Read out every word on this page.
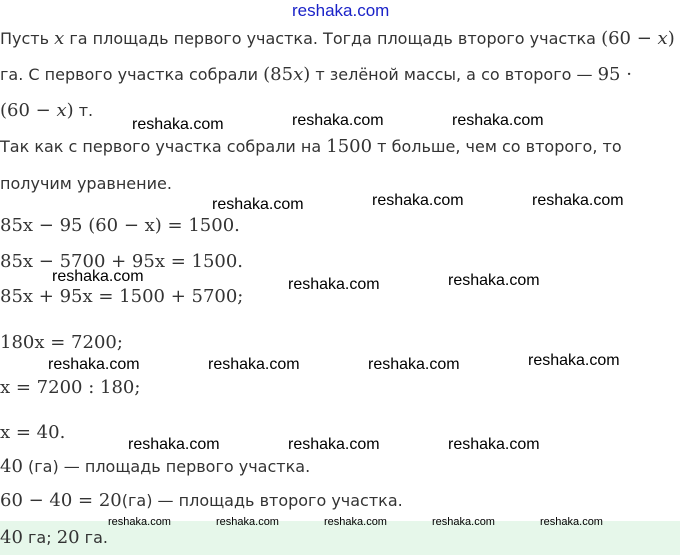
reshaka.com
Пусть x га площадь первого участка. Тогда площадь второго участка (60 − x)
га. С первого участка собрали (85x) т зелёной массы, а со второго — 95 ·
(60 − x) т.
Так как с первого участка собрали на 1500 т больше, чем со второго, то
получим уравнение.
85x − 95 (60 − x) = 1500.
85x − 5700 + 95x = 1500.
85x + 95x = 1500 + 5700;
180x = 7200;
x = 7200 : 180;
x = 40.
40 (га) — площадь первого участка.
60 − 40 = 20(га) — площадь второго участка.
40 га; 20 га.
reshaka.com	reshaka.com	reshaka.com
reshaka.com	reshaka.com	reshaka.com
reshaka.com	reshaka.com	reshaka.com
reshaka.com	reshaka.com	reshaka.com	reshaka.com
reshaka.com	reshaka.com	reshaka.com
reshaka.com	reshaka.com	reshaka.com	reshaka.com	reshaka.com
